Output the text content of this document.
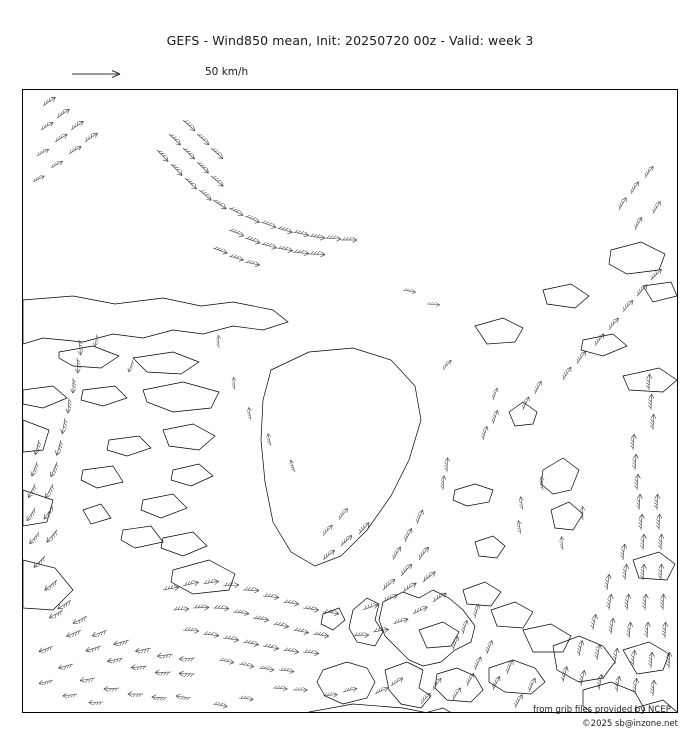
GEFS - Wind850 mean, Init: 20250720 00z - Valid: week 3
50 km/h
from grib files provided by NCEP
©2025 sb@inzone.net
